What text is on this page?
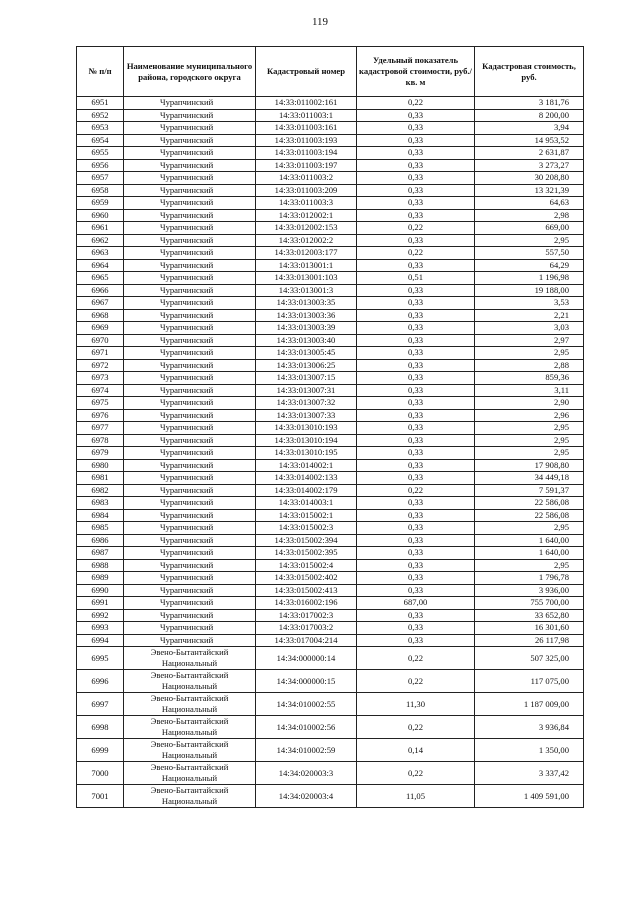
119
№ п/п	Наименование муниципального района, городского округа	Кадастровый номер	Удельный показатель кадастровой стоимости, руб./кв. м	Кадастровая стоимость, руб.
6951	Чурапчинский	14:33:011002:161	0,22	3 181,76
6952	Чурапчинский	14:33:011003:1	0,33	8 200,00
6953	Чурапчинский	14:33:011003:161	0,33	3,94
6954	Чурапчинский	14:33:011003:193	0,33	14 953,52
6955	Чурапчинский	14:33:011003:194	0,33	2 631,87
6956	Чурапчинский	14:33:011003:197	0,33	3 273,27
6957	Чурапчинский	14:33:011003:2	0,33	30 208,80
6958	Чурапчинский	14:33:011003:209	0,33	13 321,39
6959	Чурапчинский	14:33:011003:3	0,33	64,63
6960	Чурапчинский	14:33:012002:1	0,33	2,98
6961	Чурапчинский	14:33:012002:153	0,22	669,00
6962	Чурапчинский	14:33:012002:2	0,33	2,95
6963	Чурапчинский	14:33:012003:177	0,22	557,50
6964	Чурапчинский	14:33:013001:1	0,33	64,29
6965	Чурапчинский	14:33:013001:103	0,51	1 196,98
6966	Чурапчинский	14:33:013001:3	0,33	19 188,00
6967	Чурапчинский	14:33:013003:35	0,33	3,53
6968	Чурапчинский	14:33:013003:36	0,33	2,21
6969	Чурапчинский	14:33:013003:39	0,33	3,03
6970	Чурапчинский	14:33:013003:40	0,33	2,97
6971	Чурапчинский	14:33:013005:45	0,33	2,95
6972	Чурапчинский	14:33:013006:25	0,33	2,88
6973	Чурапчинский	14:33:013007:15	0,33	859,36
6974	Чурапчинский	14:33:013007:31	0,33	3,11
6975	Чурапчинский	14:33:013007:32	0,33	2,90
6976	Чурапчинский	14:33:013007:33	0,33	2,96
6977	Чурапчинский	14:33:013010:193	0,33	2,95
6978	Чурапчинский	14:33:013010:194	0,33	2,95
6979	Чурапчинский	14:33:013010:195	0,33	2,95
6980	Чурапчинский	14:33:014002:1	0,33	17 908,80
6981	Чурапчинский	14:33:014002:133	0,33	34 449,18
6982	Чурапчинский	14:33:014002:179	0,22	7 591,37
6983	Чурапчинский	14:33:014003:1	0,33	22 586,08
6984	Чурапчинский	14:33:015002:1	0,33	22 586,08
6985	Чурапчинский	14:33:015002:3	0,33	2,95
6986	Чурапчинский	14:33:015002:394	0,33	1 640,00
6987	Чурапчинский	14:33:015002:395	0,33	1 640,00
6988	Чурапчинский	14:33:015002:4	0,33	2,95
6989	Чурапчинский	14:33:015002:402	0,33	1 796,78
6990	Чурапчинский	14:33:015002:413	0,33	3 936,00
6991	Чурапчинский	14:33:016002:196	687,00	755 700,00
6992	Чурапчинский	14:33:017002:3	0,33	33 652,80
6993	Чурапчинский	14:33:017003:2	0,33	16 301,60
6994	Чурапчинский	14:33:017004:214	0,33	26 117,98
6995	Эвено-Бытантайский Национальный	14:34:000000:14	0,22	507 325,00
6996	Эвено-Бытантайский Национальный	14:34:000000:15	0,22	117 075,00
6997	Эвено-Бытантайский Национальный	14:34:010002:55	11,30	1 187 009,00
6998	Эвено-Бытантайский Национальный	14:34:010002:56	0,22	3 936,84
6999	Эвено-Бытантайский Национальный	14:34:010002:59	0,14	1 350,00
7000	Эвено-Бытантайский Национальный	14:34:020003:3	0,22	3 337,42
7001	Эвено-Бытантайский Национальный	14:34:020003:4	11,05	1 409 591,00
